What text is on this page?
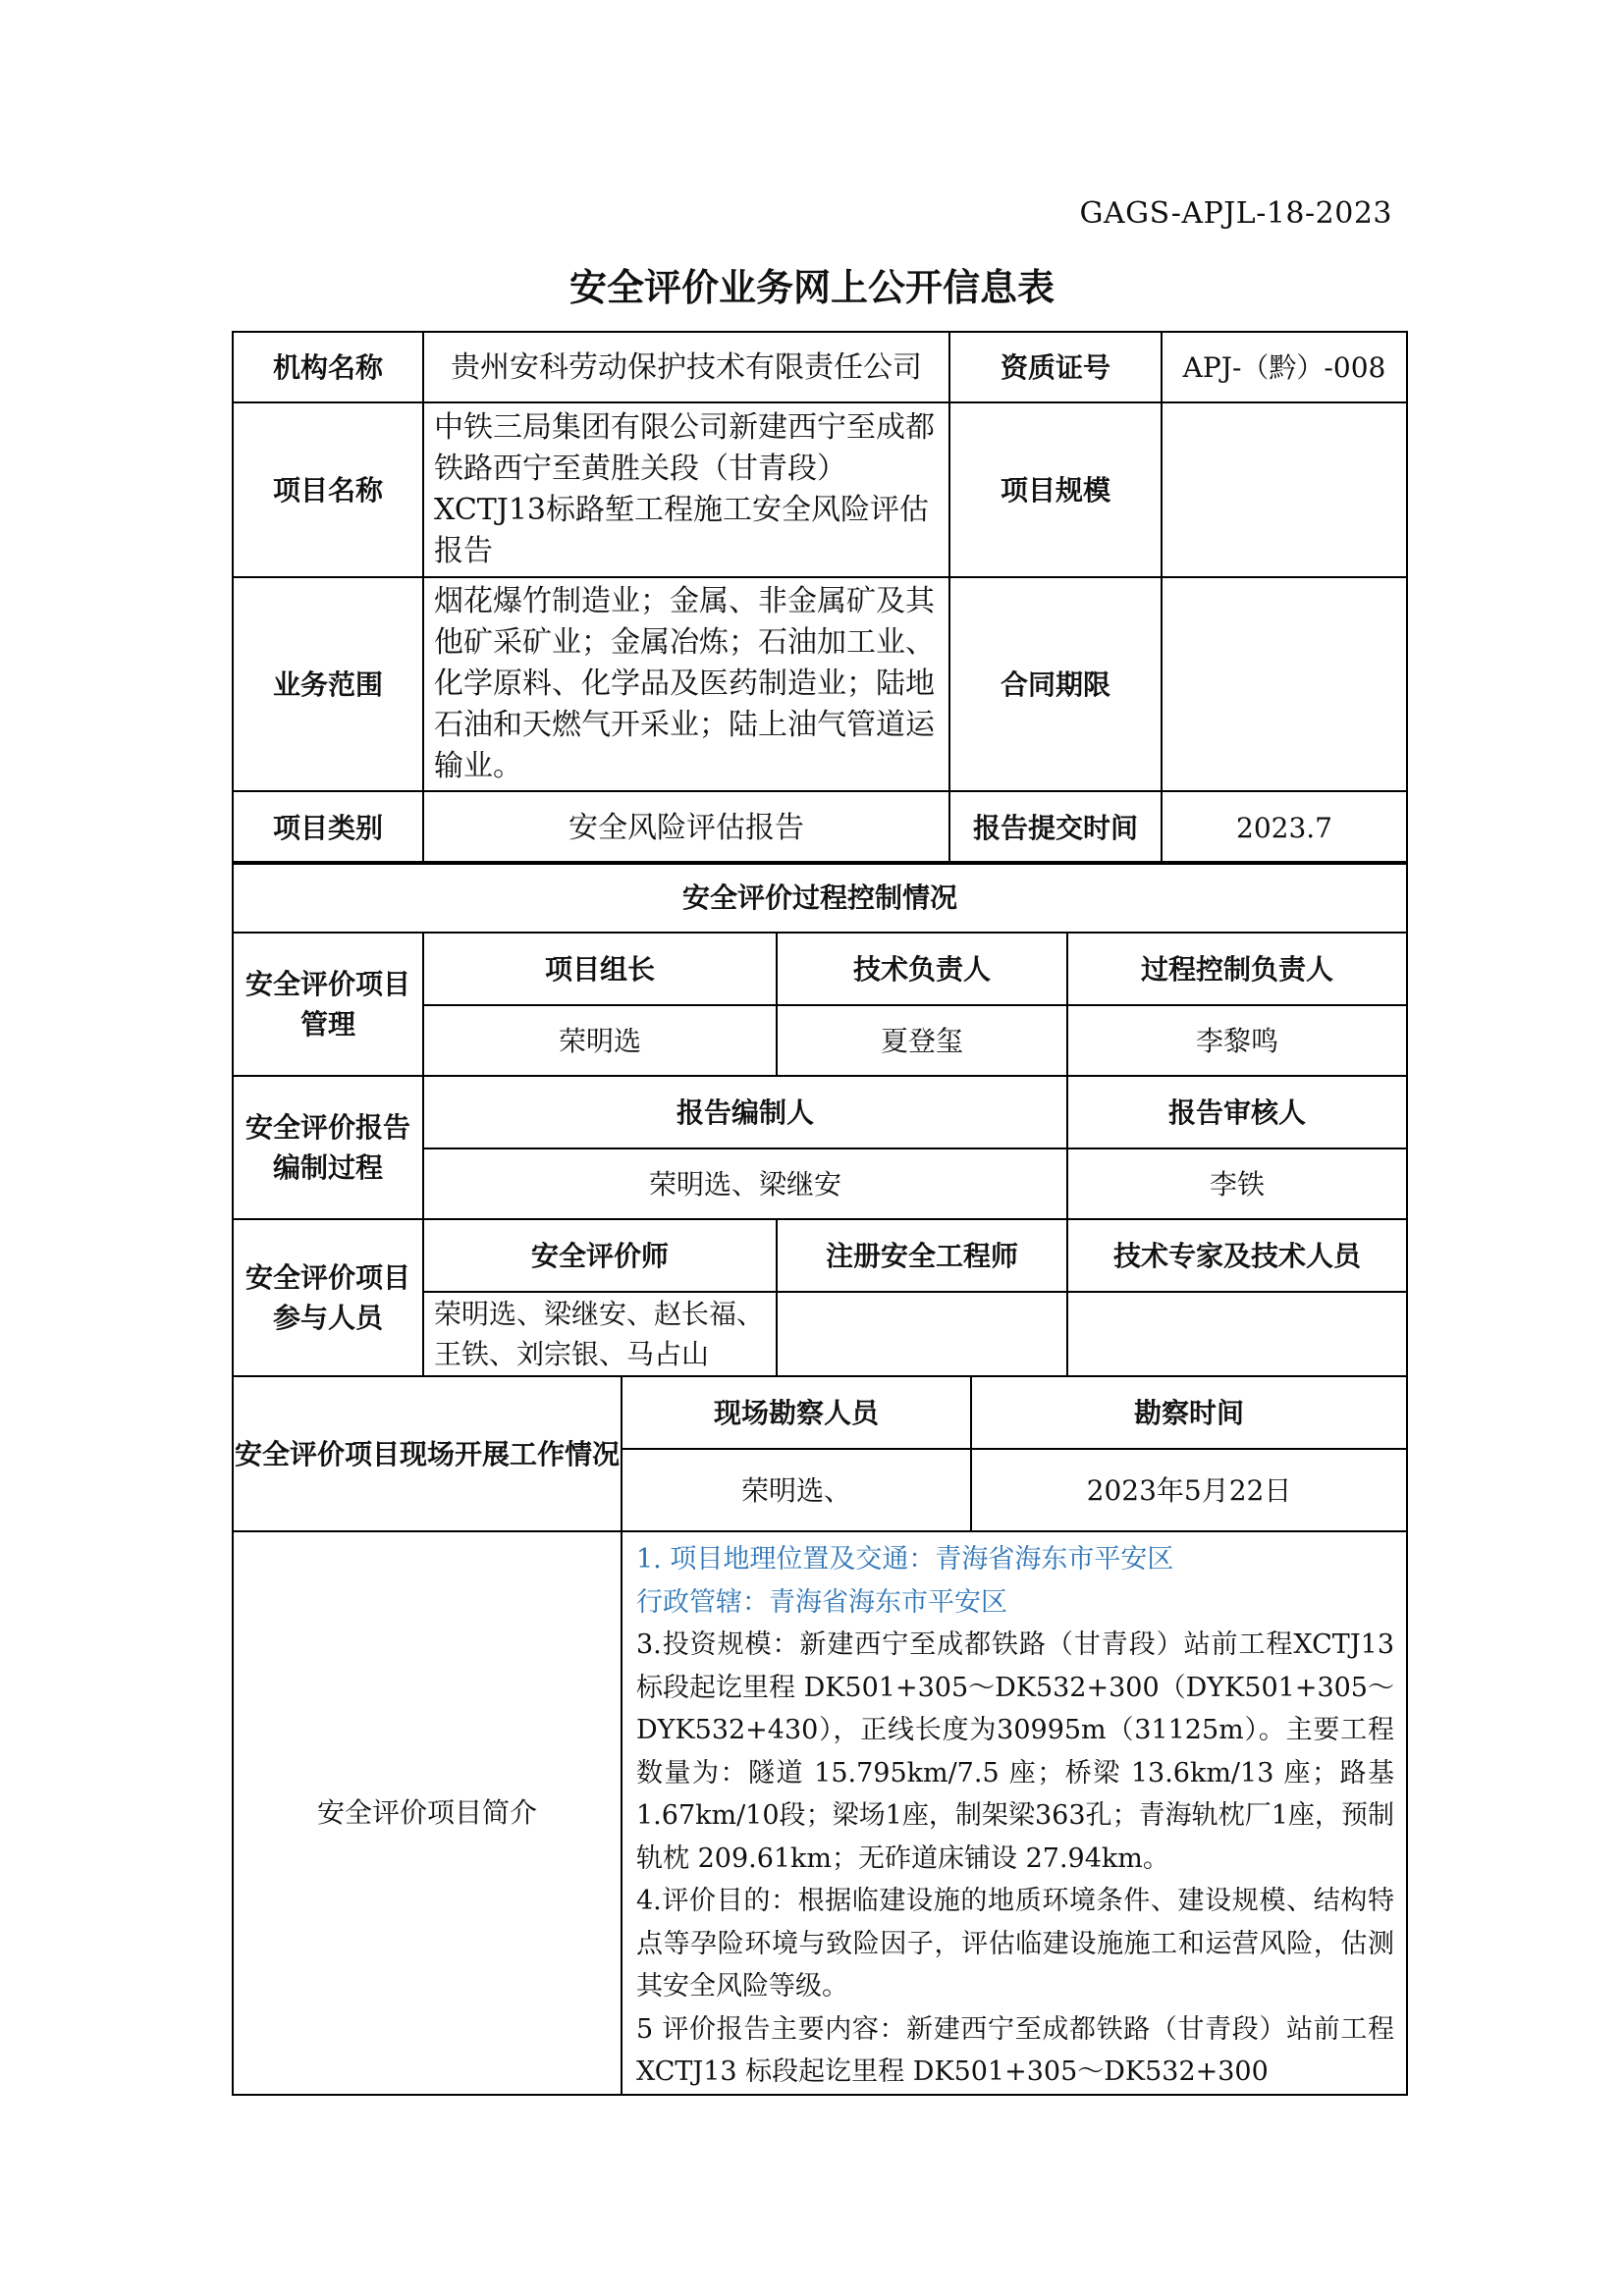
GAGS-APJL-18-2023
安全评价业务网上公开信息表
机构名称	贵州安科劳动保护技术有限责任公司	资质证号	APJ-（黔）-008
项目名称	中铁三局集团有限公司新建西宁至成都铁路西宁至黄胜关段（甘青段）XCTJ13标路堑工程施工安全风险评估报告	项目规模	
业务范围	烟花爆竹制造业；金属、非金属矿及其他矿采矿业；金属冶炼；石油加工业、化学原料、化学品及医药制造业；陆地石油和天燃气开采业；陆上油气管道运输业。	合同期限	
项目类别	安全风险评估报告	报告提交时间	2023.7
安全评价过程控制情况			
安全评价项目管理	项目组长	技术负责人	过程控制负责人
	荣明选	夏登玺	李黎鸣
安全评价报告编制过程	报告编制人		报告审核人
	荣明选、梁继安		李铁
安全评价项目参与人员	安全评价师	注册安全工程师	技术专家及技术人员
	荣明选、梁继安、赵长福、王铁、刘宗银、马占山		
安全评价项目现场开展工作情况	现场勘察人员	勘察时间
	荣明选、	2023年5月22日
安全评价项目简介	1. 项目地理位置及交通：青海省海东市平安区

行政管辖：青海省海东市平安区

3.投资规模：新建西宁至成都铁路（甘青段）站前工程XCTJ13标段起讫里程 DK501+305～DK532+300（DYK501+305～DYK532+430），正线长度为30995m（31125m）。主要工程数量为：隧道 15.795km/7.5 座；桥梁 13.6km/13 座；路基 1.67km/10段；梁场1座，制架梁363孔；青海轨枕厂1座，预制轨枕 209.61km；无砟道床铺设 27.94km。

4.评价目的：根据临建设施的地质环境条件、建设规模、结构特点等孕险环境与致险因子，评估临建设施施工和运营风险，估测其安全风险等级。

5 评价报告主要内容：新建西宁至成都铁路（甘青段）站前工程 XCTJ13 标段起讫里程 DK501+305～DK532+300	
